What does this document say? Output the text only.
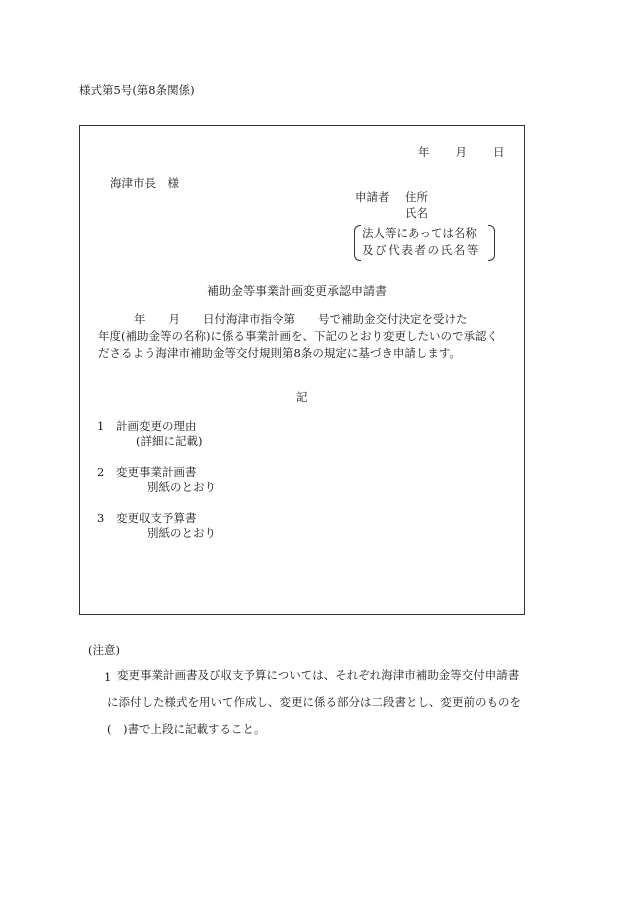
様式第5号(第8条関係)
年　　月　　日
海津市長　様
申請者 住所
氏名
法人等にあっては名称
及び代表者の氏名等
補助金等事業計画変更承認申請書
年　　月　　日付海津市指令第　　号で補助金交付決定を受けた
年度(補助金等の名称)に係る事業計画を、下記のとおり変更したいので承認くださるよう海津市補助金等交付規則第8条の規定に基づき申請します。
記
1 計画変更の理由
(詳細に記載)
2 変更事業計画書
別紙のとおり
3 変更収支予算書
別紙のとおり
(注意)
1 変更事業計画書及び収支予算については、それぞれ海津市補助金等交付申請書に添付した様式を用いて作成し、変更に係る部分は二段書とし、変更前のものを(　)書で上段に記載すること。
